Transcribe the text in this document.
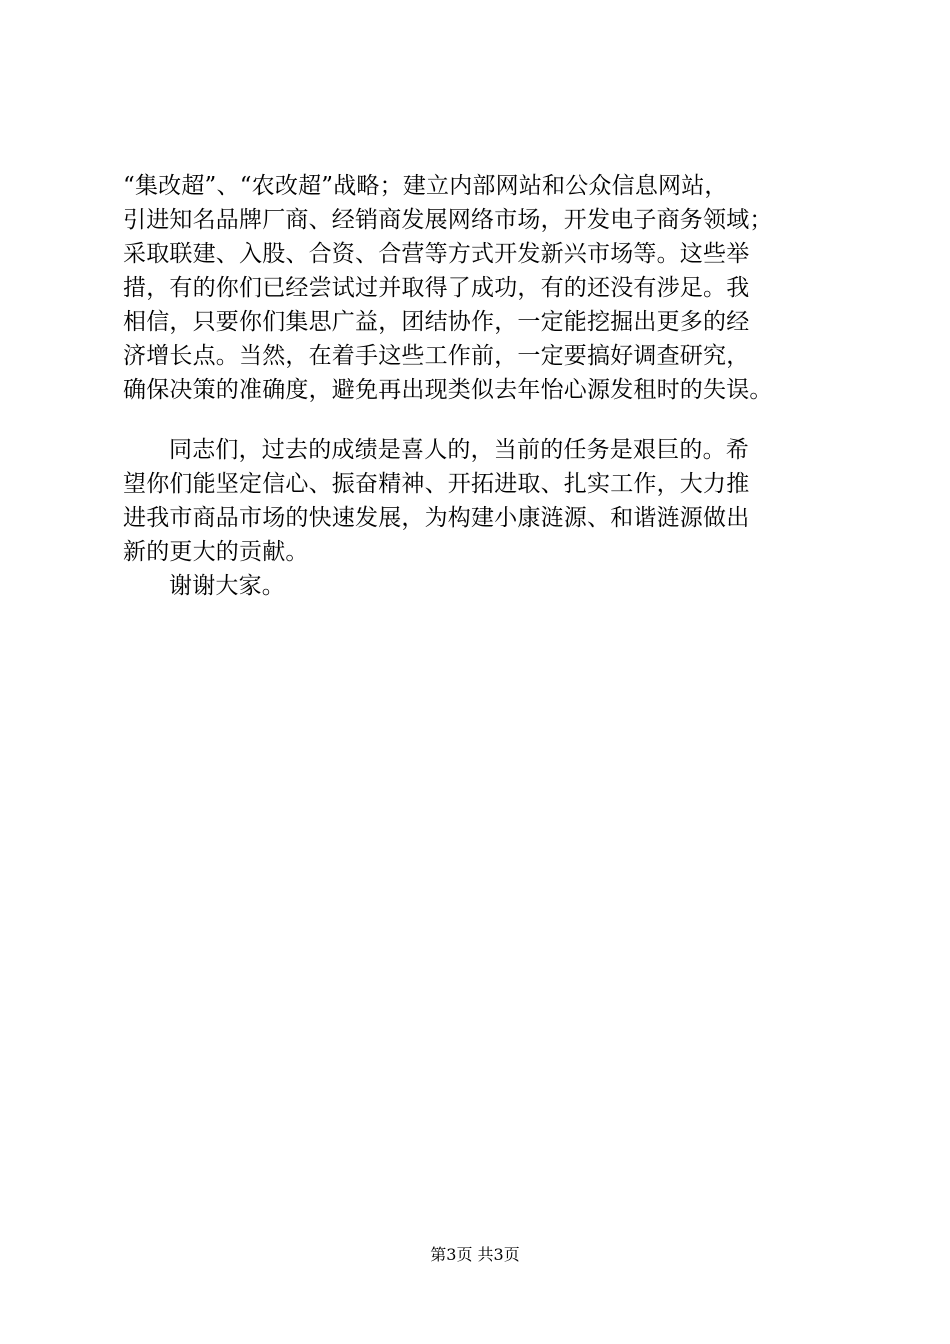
“集改超”、“农改超”战略；建立内部网站和公众信息网站，
引进知名品牌厂商、经销商发展网络市场，开发电子商务领域；
采取联建、入股、合资、合营等方式开发新兴市场等。这些举
措，有的你们已经尝试过并取得了成功，有的还没有涉足。我
相信，只要你们集思广益，团结协作，一定能挖掘出更多的经
济增长点。当然，在着手这些工作前，一定要搞好调查研究，
确保决策的准确度，避免再出现类似去年怡心源发租时的失误。
同志们，过去的成绩是喜人的，当前的任务是艰巨的。希
望你们能坚定信心、振奋精神、开拓进取、扎实工作，大力推
进我市商品市场的快速发展，为构建小康涟源、和谐涟源做出
新的更大的贡献。
谢谢大家。
第3页 共3页
